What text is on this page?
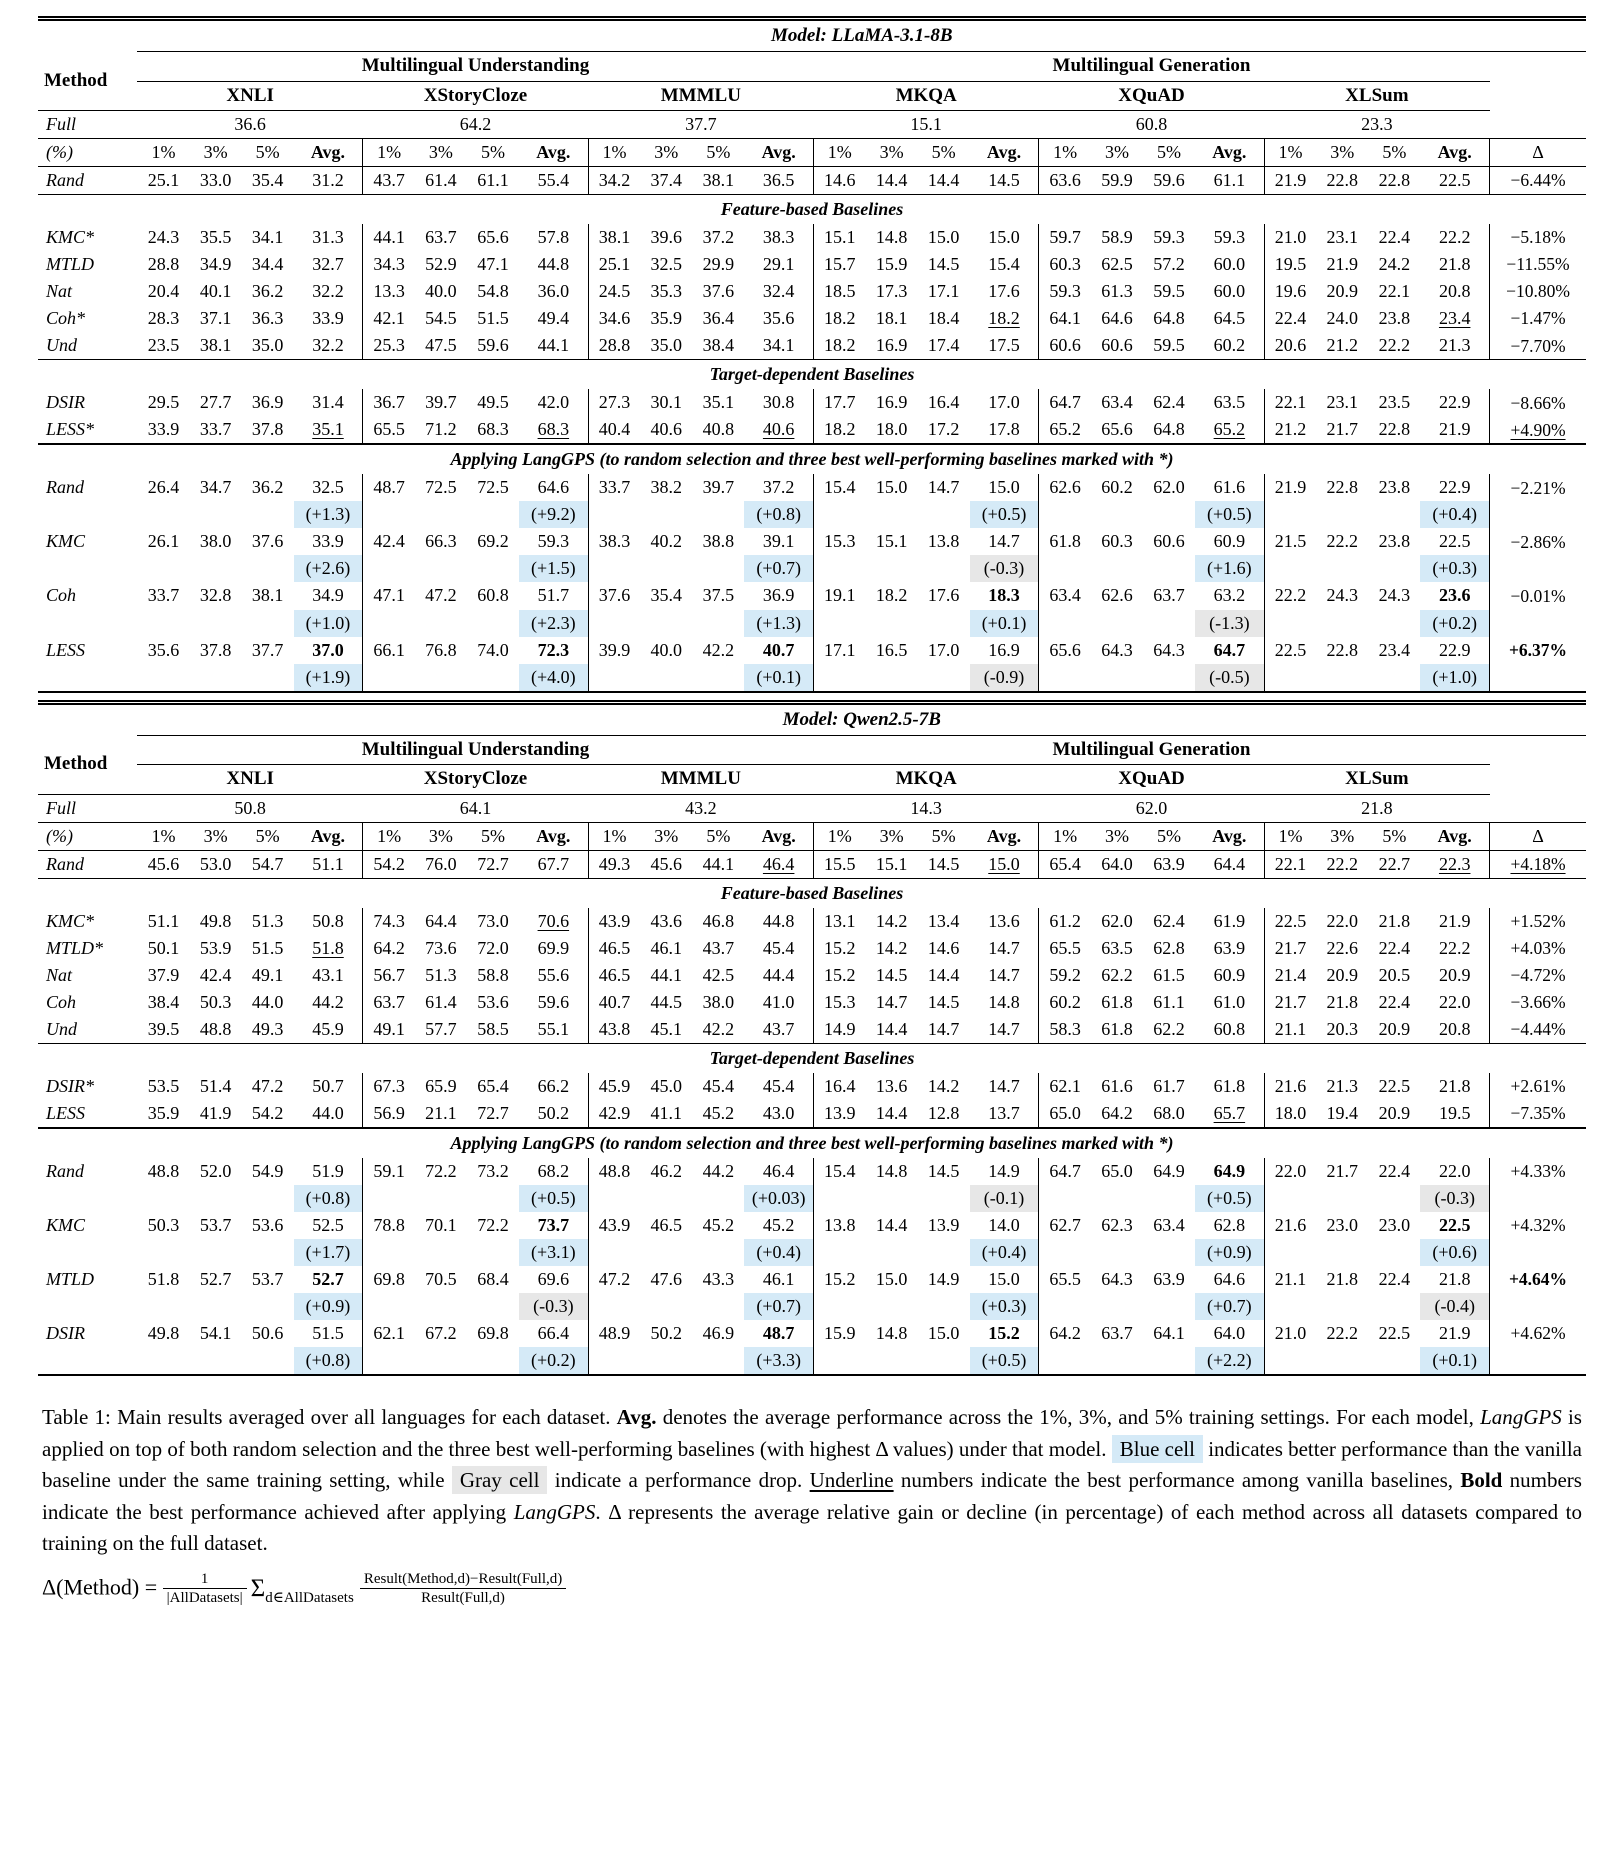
	Model: LLaMA-3.1-8B																								
Method	Multilingual Understanding												Multilingual Generation												
	XNLI				XStoryCloze				MMMLU				MKQA				XQuAD				XLSum				
Full	36.6				64.2				37.7				15.1				60.8				23.3				
(%)	1%	3%	5%	Avg.	1%	3%	5%	Avg.	1%	3%	5%	Avg.	1%	3%	5%	Avg.	1%	3%	5%	Avg.	1%	3%	5%	Avg.	Δ
Rand	25.1	33.0	35.4	31.2	43.7	61.4	61.1	55.4	34.2	37.4	38.1	36.5	14.6	14.4	14.4	14.5	63.6	59.9	59.6	61.1	21.9	22.8	22.8	22.5	−6.44%
Feature-based Baselines																									
KMC*	24.3	35.5	34.1	31.3	44.1	63.7	65.6	57.8	38.1	39.6	37.2	38.3	15.1	14.8	15.0	15.0	59.7	58.9	59.3	59.3	21.0	23.1	22.4	22.2	−5.18%
MTLD	28.8	34.9	34.4	32.7	34.3	52.9	47.1	44.8	25.1	32.5	29.9	29.1	15.7	15.9	14.5	15.4	60.3	62.5	57.2	60.0	19.5	21.9	24.2	21.8	−11.55%
Nat	20.4	40.1	36.2	32.2	13.3	40.0	54.8	36.0	24.5	35.3	37.6	32.4	18.5	17.3	17.1	17.6	59.3	61.3	59.5	60.0	19.6	20.9	22.1	20.8	−10.80%
Coh*	28.3	37.1	36.3	33.9	42.1	54.5	51.5	49.4	34.6	35.9	36.4	35.6	18.2	18.1	18.4	18.2	64.1	64.6	64.8	64.5	22.4	24.0	23.8	23.4	−1.47%
Und	23.5	38.1	35.0	32.2	25.3	47.5	59.6	44.1	28.8	35.0	38.4	34.1	18.2	16.9	17.4	17.5	60.6	60.6	59.5	60.2	20.6	21.2	22.2	21.3	−7.70%
Target-dependent Baselines																									
DSIR	29.5	27.7	36.9	31.4	36.7	39.7	49.5	42.0	27.3	30.1	35.1	30.8	17.7	16.9	16.4	17.0	64.7	63.4	62.4	63.5	22.1	23.1	23.5	22.9	−8.66%
LESS*	33.9	33.7	37.8	35.1	65.5	71.2	68.3	68.3	40.4	40.6	40.8	40.6	18.2	18.0	17.2	17.8	65.2	65.6	64.8	65.2	21.2	21.7	22.8	21.9	+4.90%
Applying LangGPS (to random selection and three best well-performing baselines marked with *)																									
Rand	26.4	34.7	36.2	32.5	48.7	72.5	72.5	64.6	33.7	38.2	39.7	37.2	15.4	15.0	14.7	15.0	62.6	60.2	62.0	61.6	21.9	22.8	23.8	22.9	−2.21%
				(+1.3)				(+9.2)				(+0.8)				(+0.5)				(+0.5)				(+0.4)	
KMC	26.1	38.0	37.6	33.9	42.4	66.3	69.2	59.3	38.3	40.2	38.8	39.1	15.3	15.1	13.8	14.7	61.8	60.3	60.6	60.9	21.5	22.2	23.8	22.5	−2.86%
				(+2.6)				(+1.5)				(+0.7)				(-0.3)				(+1.6)				(+0.3)	
Coh	33.7	32.8	38.1	34.9	47.1	47.2	60.8	51.7	37.6	35.4	37.5	36.9	19.1	18.2	17.6	18.3	63.4	62.6	63.7	63.2	22.2	24.3	24.3	23.6	−0.01%
				(+1.0)				(+2.3)				(+1.3)				(+0.1)				(-1.3)				(+0.2)	
LESS	35.6	37.8	37.7	37.0	66.1	76.8	74.0	72.3	39.9	40.0	42.2	40.7	17.1	16.5	17.0	16.9	65.6	64.3	64.3	64.7	22.5	22.8	23.4	22.9	+6.37%
				(+1.9)				(+4.0)				(+0.1)				(-0.9)				(-0.5)				(+1.0)	
	Model: Qwen2.5-7B																								
Method	Multilingual Understanding												Multilingual Generation												
	XNLI				XStoryCloze				MMMLU				MKQA				XQuAD				XLSum				
Full	50.8				64.1				43.2				14.3				62.0				21.8				
(%)	1%	3%	5%	Avg.	1%	3%	5%	Avg.	1%	3%	5%	Avg.	1%	3%	5%	Avg.	1%	3%	5%	Avg.	1%	3%	5%	Avg.	Δ
Rand	45.6	53.0	54.7	51.1	54.2	76.0	72.7	67.7	49.3	45.6	44.1	46.4	15.5	15.1	14.5	15.0	65.4	64.0	63.9	64.4	22.1	22.2	22.7	22.3	+4.18%
Feature-based Baselines																									
KMC*	51.1	49.8	51.3	50.8	74.3	64.4	73.0	70.6	43.9	43.6	46.8	44.8	13.1	14.2	13.4	13.6	61.2	62.0	62.4	61.9	22.5	22.0	21.8	21.9	+1.52%
MTLD*	50.1	53.9	51.5	51.8	64.2	73.6	72.0	69.9	46.5	46.1	43.7	45.4	15.2	14.2	14.6	14.7	65.5	63.5	62.8	63.9	21.7	22.6	22.4	22.2	+4.03%
Nat	37.9	42.4	49.1	43.1	56.7	51.3	58.8	55.6	46.5	44.1	42.5	44.4	15.2	14.5	14.4	14.7	59.2	62.2	61.5	60.9	21.4	20.9	20.5	20.9	−4.72%
Coh	38.4	50.3	44.0	44.2	63.7	61.4	53.6	59.6	40.7	44.5	38.0	41.0	15.3	14.7	14.5	14.8	60.2	61.8	61.1	61.0	21.7	21.8	22.4	22.0	−3.66%
Und	39.5	48.8	49.3	45.9	49.1	57.7	58.5	55.1	43.8	45.1	42.2	43.7	14.9	14.4	14.7	14.7	58.3	61.8	62.2	60.8	21.1	20.3	20.9	20.8	−4.44%
Target-dependent Baselines																									
DSIR*	53.5	51.4	47.2	50.7	67.3	65.9	65.4	66.2	45.9	45.0	45.4	45.4	16.4	13.6	14.2	14.7	62.1	61.6	61.7	61.8	21.6	21.3	22.5	21.8	+2.61%
LESS	35.9	41.9	54.2	44.0	56.9	21.1	72.7	50.2	42.9	41.1	45.2	43.0	13.9	14.4	12.8	13.7	65.0	64.2	68.0	65.7	18.0	19.4	20.9	19.5	−7.35%
Applying LangGPS (to random selection and three best well-performing baselines marked with *)																									
Rand	48.8	52.0	54.9	51.9	59.1	72.2	73.2	68.2	48.8	46.2	44.2	46.4	15.4	14.8	14.5	14.9	64.7	65.0	64.9	64.9	22.0	21.7	22.4	22.0	+4.33%
				(+0.8)				(+0.5)				(+0.03)				(-0.1)				(+0.5)				(-0.3)	
KMC	50.3	53.7	53.6	52.5	78.8	70.1	72.2	73.7	43.9	46.5	45.2	45.2	13.8	14.4	13.9	14.0	62.7	62.3	63.4	62.8	21.6	23.0	23.0	22.5	+4.32%
				(+1.7)				(+3.1)				(+0.4)				(+0.4)				(+0.9)				(+0.6)	
MTLD	51.8	52.7	53.7	52.7	69.8	70.5	68.4	69.6	47.2	47.6	43.3	46.1	15.2	15.0	14.9	15.0	65.5	64.3	63.9	64.6	21.1	21.8	22.4	21.8	+4.64%
				(+0.9)				(-0.3)				(+0.7)				(+0.3)				(+0.7)				(-0.4)	
DSIR	49.8	54.1	50.6	51.5	62.1	67.2	69.8	66.4	48.9	50.2	46.9	48.7	15.9	14.8	15.0	15.2	64.2	63.7	64.1	64.0	21.0	22.2	22.5	21.9	+4.62%
				(+0.8)				(+0.2)				(+3.3)				(+0.5)				(+2.2)				(+0.1)	

Table 1: Main results averaged over all languages for each dataset. Avg. denotes the average performance across the 1%, 3%, and 5% training settings. For each model, LangGPS is applied on top of both random selection and the three best well-performing baselines (with highest Δ values) under that model. Blue cell indicates better performance than the vanilla baseline under the same training setting, while Gray cell indicate a performance drop. Underline numbers indicate the best performance among vanilla baselines, Bold numbers indicate the best performance achieved after applying LangGPS. Δ represents the average relative gain or decline (in percentage) of each method across all datasets compared to training on the full dataset.

Δ(Method) = $\frac{1}{\text{|AllDatasets|}} \Sigma_{d\in AllDatasets} \frac{\text{Result(Method,d)−Result(Full,d)}}{\text{Result(Full,d)}}$
